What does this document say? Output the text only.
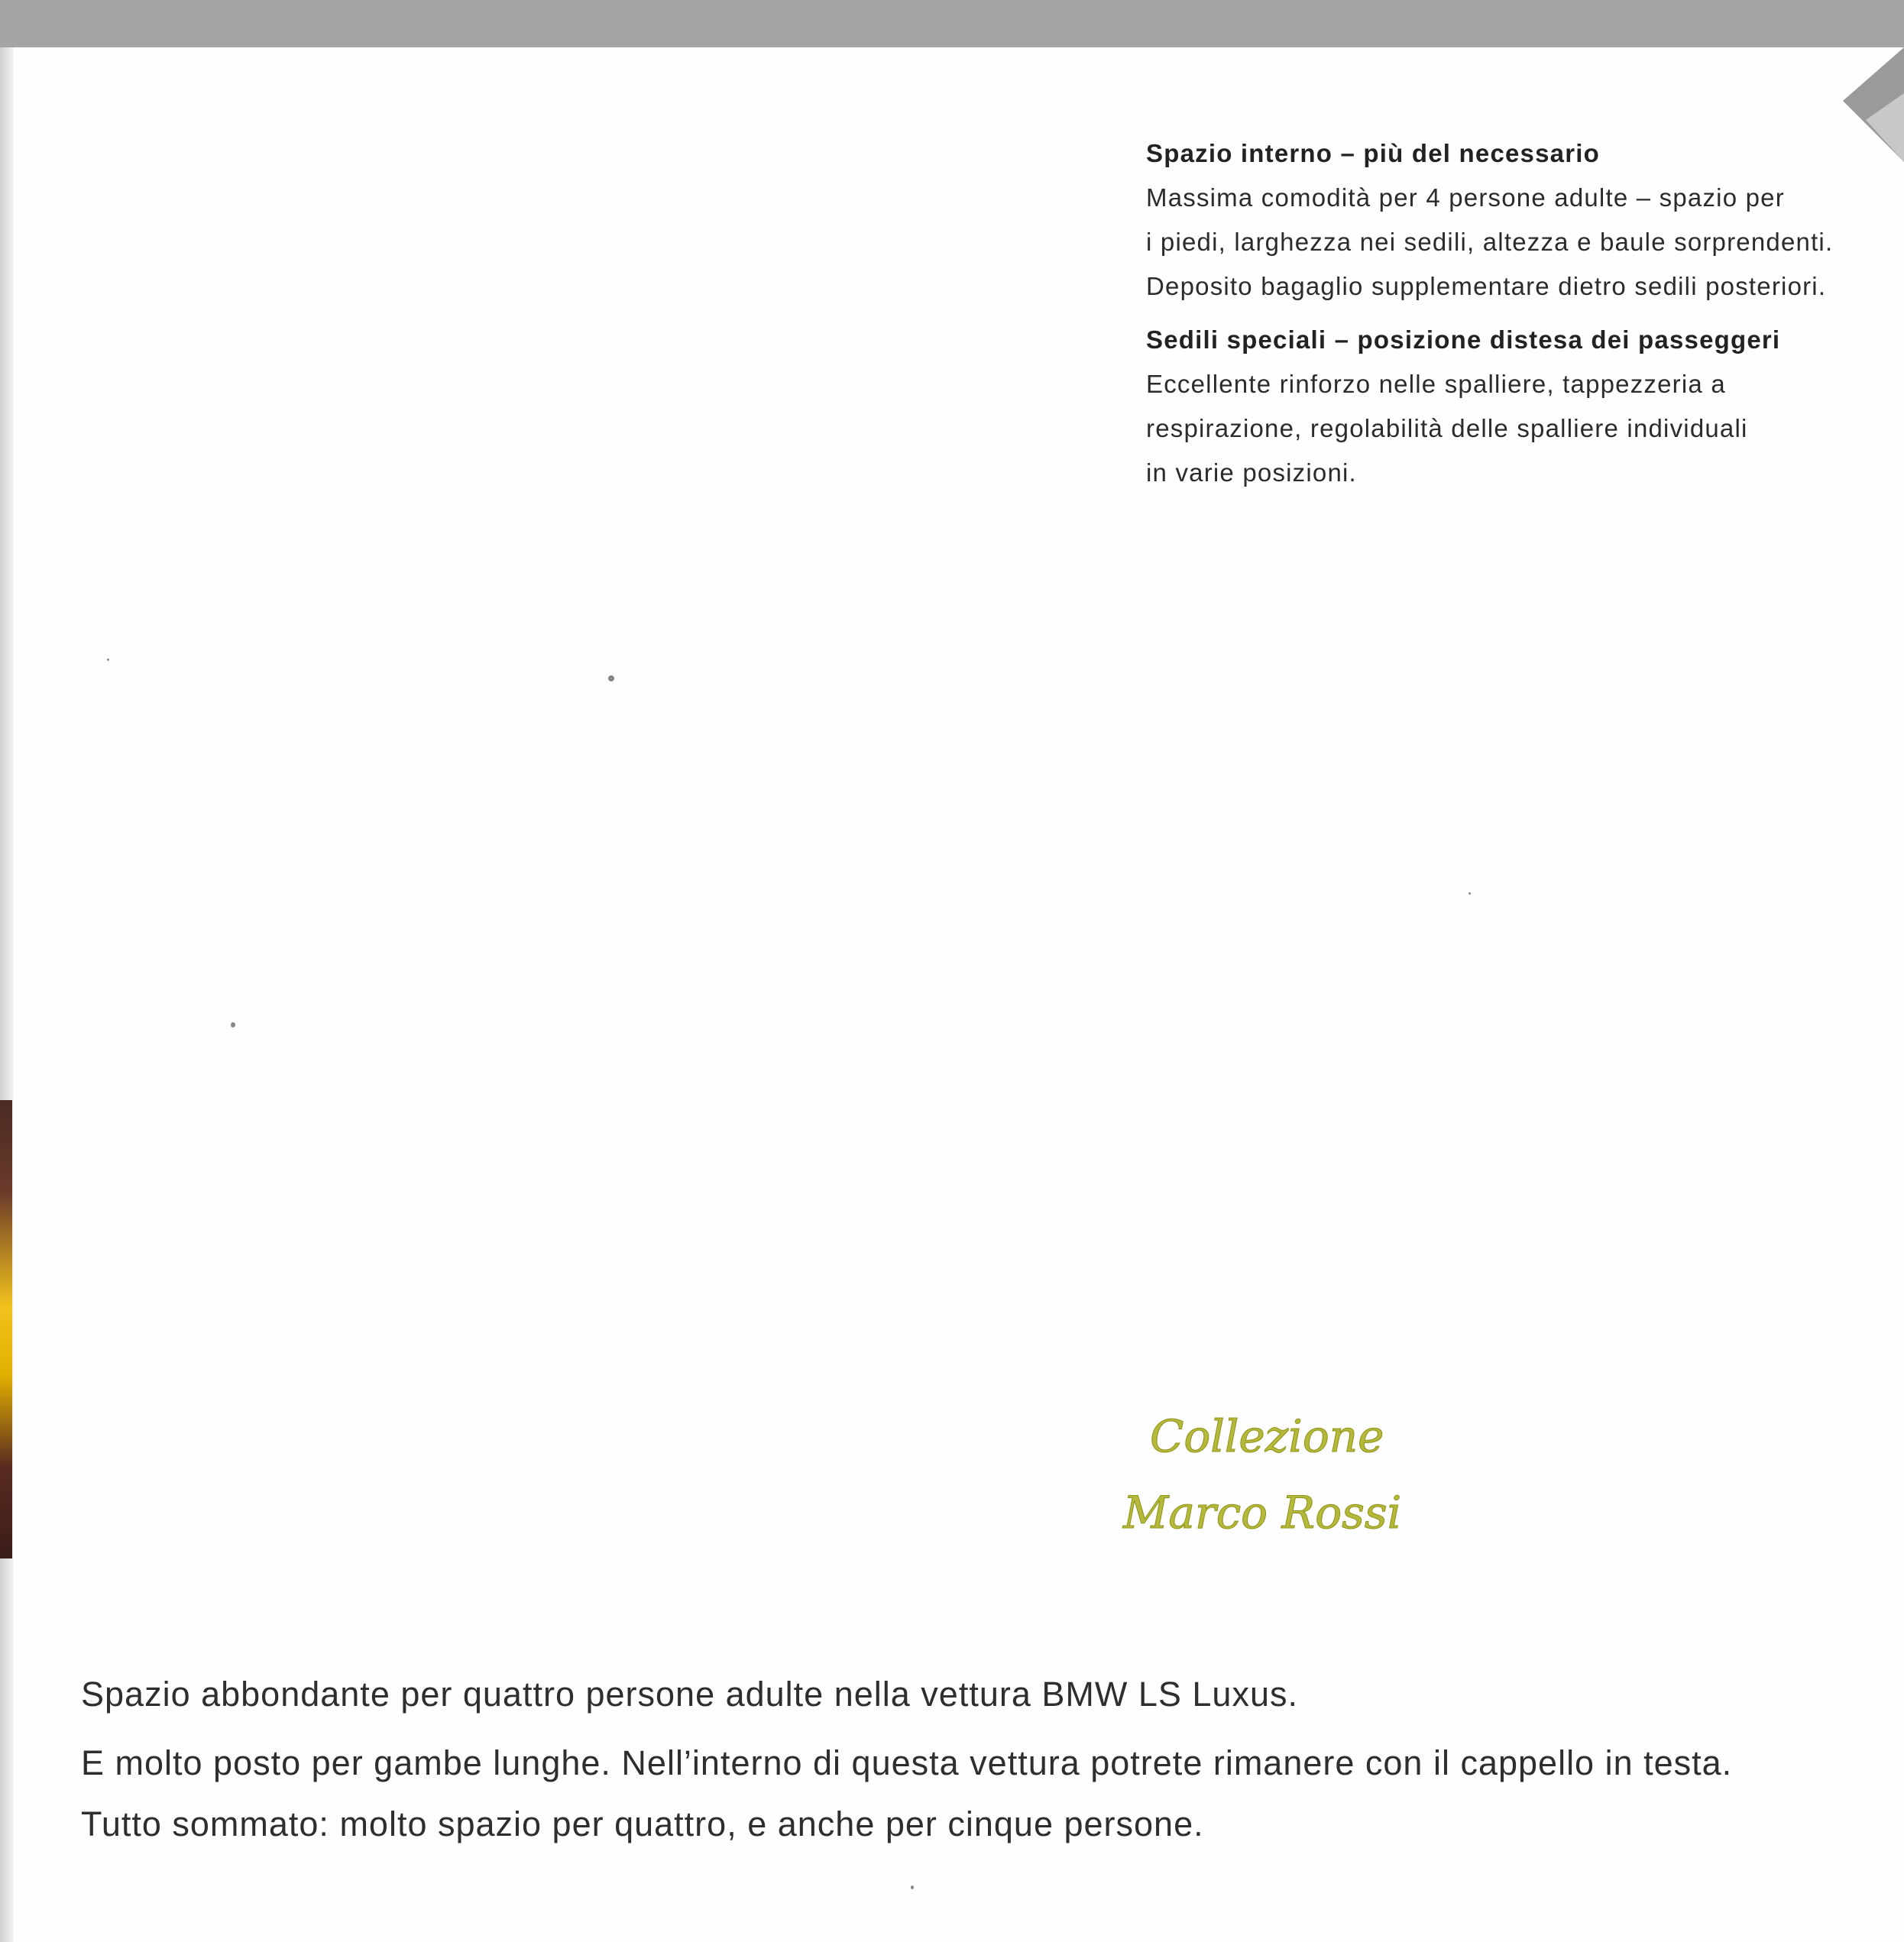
Spazio interno – più del necessario
Massima comodità per 4 persone adulte – spazio per
i piedi, larghezza nei sedili, altezza e baule sorprendenti.
Deposito bagaglio supplementare dietro sedili posteriori.
Sedili speciali – posizione distesa dei passeggeri
Eccellente rinforzo nelle spalliere, tappezzeria a
respirazione, regolabilità delle spalliere individuali
in varie posizioni.
Collezione
Marco Rossi
Spazio abbondante per quattro persone adulte nella vettura BMW LS Luxus.
E molto posto per gambe lunghe. Nell’interno di questa vettura potrete rimanere con il cappello in testa.
Tutto sommato: molto spazio per quattro, e anche per cinque persone.
